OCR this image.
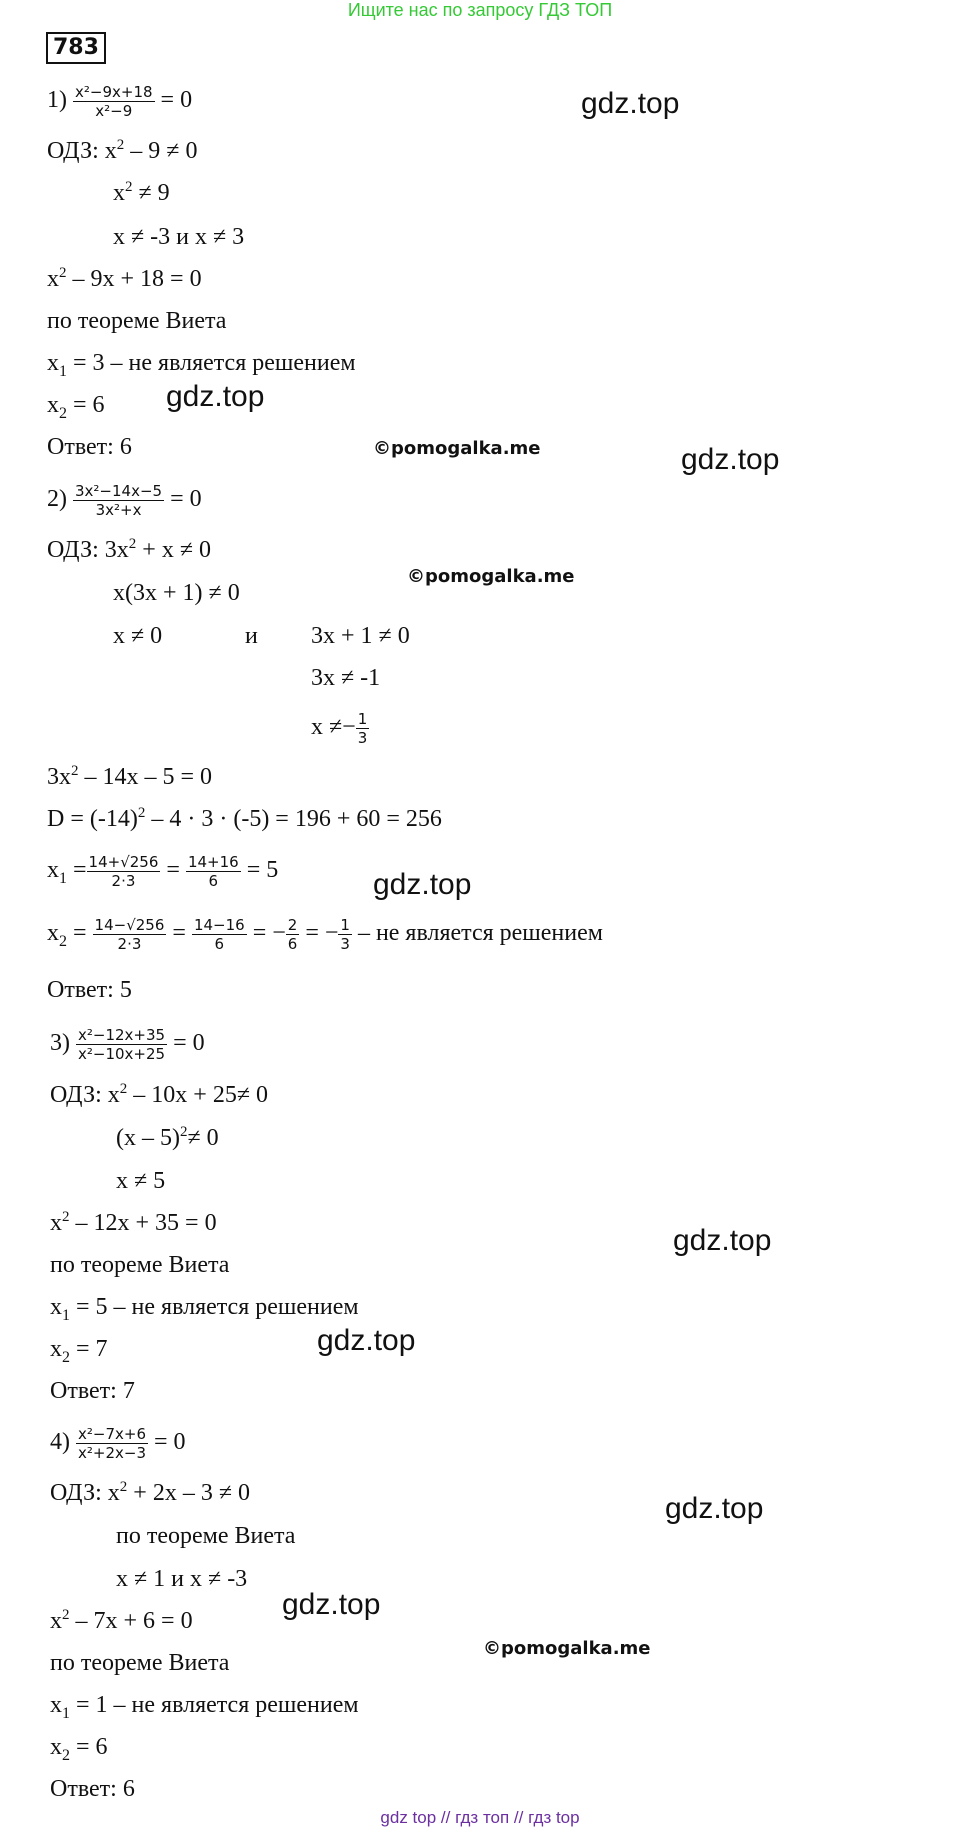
Ищите нас по запросу ГДЗ ТОП
783
$1) \frac{\text{x²−9x+18}}{\text{x²−9}} = 0$
ОДЗ: $x^2 - 9 \ne 0$
$x^2 \ne 9$
x ≠ -3 и x ≠ 3
$x^2 - 9x + 18 = 0$
по теореме Виета
$x_1 = 3$ – не является решением
$x_2 = 6$
Ответ: 6
$2) \frac{\text{3x²−14x−5}}{\text{3x²+x}} = 0$
ОДЗ: $3x^2 + x \ne 0$
x(3x + 1) ≠ 0
x ≠ 0	и 3x + 1 ≠ 0
3x ≠ -1
$x \ne- \frac{1}{3}$
$3x^2 - 14x - 5 = 0$
$D = (-14)^2 - 4 \cdot 3 \cdot (-5) = 196 + 60 = 256$
$x_1 = \frac{14+√256}{2\cdot 3} = \frac{14+16}{6} = 5$
$x_2 = \frac{14-√256}{2\cdot 3} = \frac{14-16}{6}$ = − $\frac{2}{6}$ = − $\frac{1}{3}$ – не является решением
Ответ: 5
$3) \frac{\text{x²−12x+35}}{\text{x²−10x+25}} = 0$
ОДЗ: $x^2 - 10x + 25\ne 0$
(x – 5)$^2$≠ 0
x ≠ 5
$x^2 - 12x + 35 = 0$
по теореме Виета
$x_1 = 5$ – не является решением
$x_2 = 7$
Ответ: 7
$4) \frac{\text{x²−7x+6}}{\text{x²+2x−3}} = 0$
ОДЗ: $x^2 + 2x - 3 \ne 0$
по теореме Виета
x ≠ 1 и x ≠ -3
$x^2 - 7x + 6 = 0$
по теореме Виета
$x_1 = 1$ – не является решением
$x_2 = 6$
Ответ: 6
gdz.top
gdz.top
gdz.top
gdz.top
gdz.top
gdz.top
gdz.top
gdz.top
©pomogalka.me
©pomogalka.me
©pomogalka.me
gdz top // гдз топ // гдз top
